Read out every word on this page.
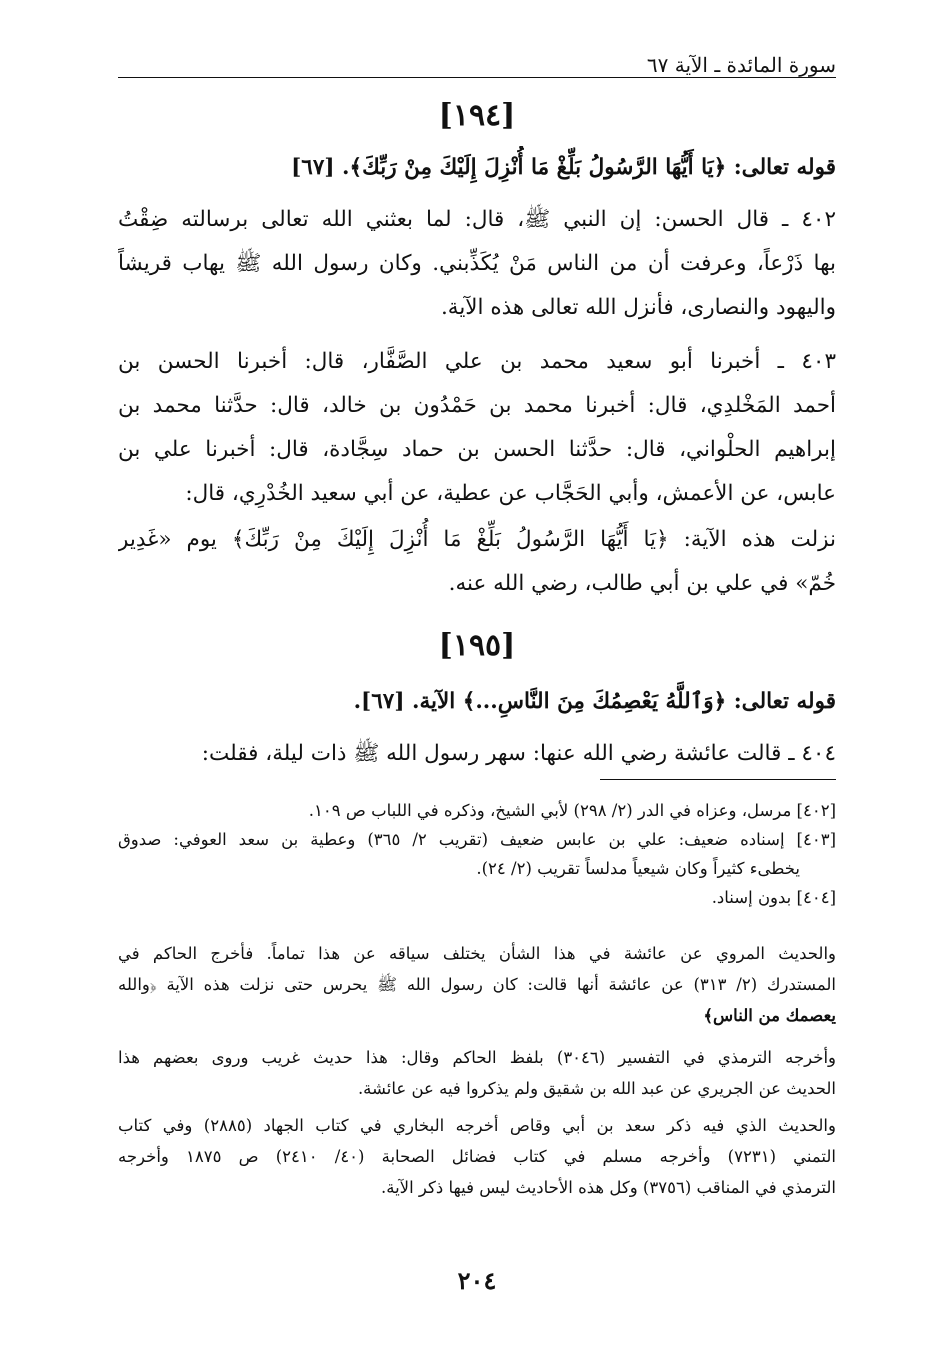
سورة المائدة ـ الآية ٦٧
[١٩٤]
قوله تعالى: ﴿يَا أَيُّهَا الرَّسُولُ بَلِّغْ مَا أُنْزِلَ إِلَيْكَ مِنْ رَبِّكَ﴾. [٦٧]
٤٠٢ ـ قال الحسن: إن النبي ﷺ، قال: لما بعثني الله تعالى برسالته ضِقْتُ
بها ذَرْعاً، وعرفت أن من الناس مَنْ يُكَذِّبني. وكان رسول الله ﷺ يهاب قريشاً
واليهود والنصارى، فأنزل الله تعالى هذه الآية.
٤٠٣ ـ أخبرنا أبو سعيد محمد بن علي الصَّفَّار، قال: أخبرنا الحسن بن
أحمد المَخْلدِي، قال: أخبرنا محمد بن حَمْدُون بن خالد، قال: حدَّثنا محمد بن
إبراهيم الحلْواني، قال: حدَّثنا الحسن بن حماد سِجَّادة، قال: أخبرنا علي بن
عابس، عن الأعمش، وأبي الحَجَّاب عن عطية، عن أبي سعيد الخُدْرِي، قال:
نزلت هذه الآية: ﴿يَا أَيُّهَا الرَّسُولُ بَلِّغْ مَا أُنْزِلَ إِلَيْكَ مِنْ رَبِّكَ﴾ يوم «غَدِير
خُمّ» في علي بن أبي طالب، رضي الله عنه.
[١٩٥]
قوله تعالى: ﴿وَٱللَّهُ يَعْصِمُكَ مِنَ النَّاسِ...﴾ الآية. [٦٧].
٤٠٤ ـ قالت عائشة رضي الله عنها: سهر رسول الله ﷺ ذات ليلة، فقلت:
[٤٠٢] مرسل، وعزاه في الدر (٢/ ٢٩٨) لأبي الشيخ، وذكره في اللباب ص ١٠٩.
[٤٠٣] إسناده ضعيف: علي بن عابس ضعيف (تقريب ٢/ ٣٦٥) وعطية بن سعد العوفي: صدوق
يخطىء كثيراً وكان شيعياً مدلساً تقريب (٢/ ٢٤).
[٤٠٤] بدون إسناد.
والحديث المروي عن عائشة في هذا الشأن يختلف سياقه عن هذا تماماً. فأخرج الحاكم في
المستدرك (٢/ ٣١٣) عن عائشة أنها قالت: كان رسول الله ﷺ يحرس حتى نزلت هذه الآية ﴿والله
يعصمك من الناس﴾
وأخرجه الترمذي في التفسير (٣٠٤٦) بلفظ الحاكم وقال: هذا حديث غريب وروى بعضهم هذا
الحديث عن الجريري عن عبد الله بن شقيق ولم يذكروا فيه عن عائشة.
والحديث الذي فيه ذكر سعد بن أبي وقاص أخرجه البخاري في كتاب الجهاد (٢٨٨٥) وفي كتاب
التمني (٧٢٣١) وأخرجه مسلم في كتاب فضائل الصحابة (٤٠/ ٢٤١٠) ص ١٨٧٥ وأخرجه
الترمذي في المناقب (٣٧٥٦) وكل هذه الأحاديث ليس فيها ذكر الآية.
٢٠٤
